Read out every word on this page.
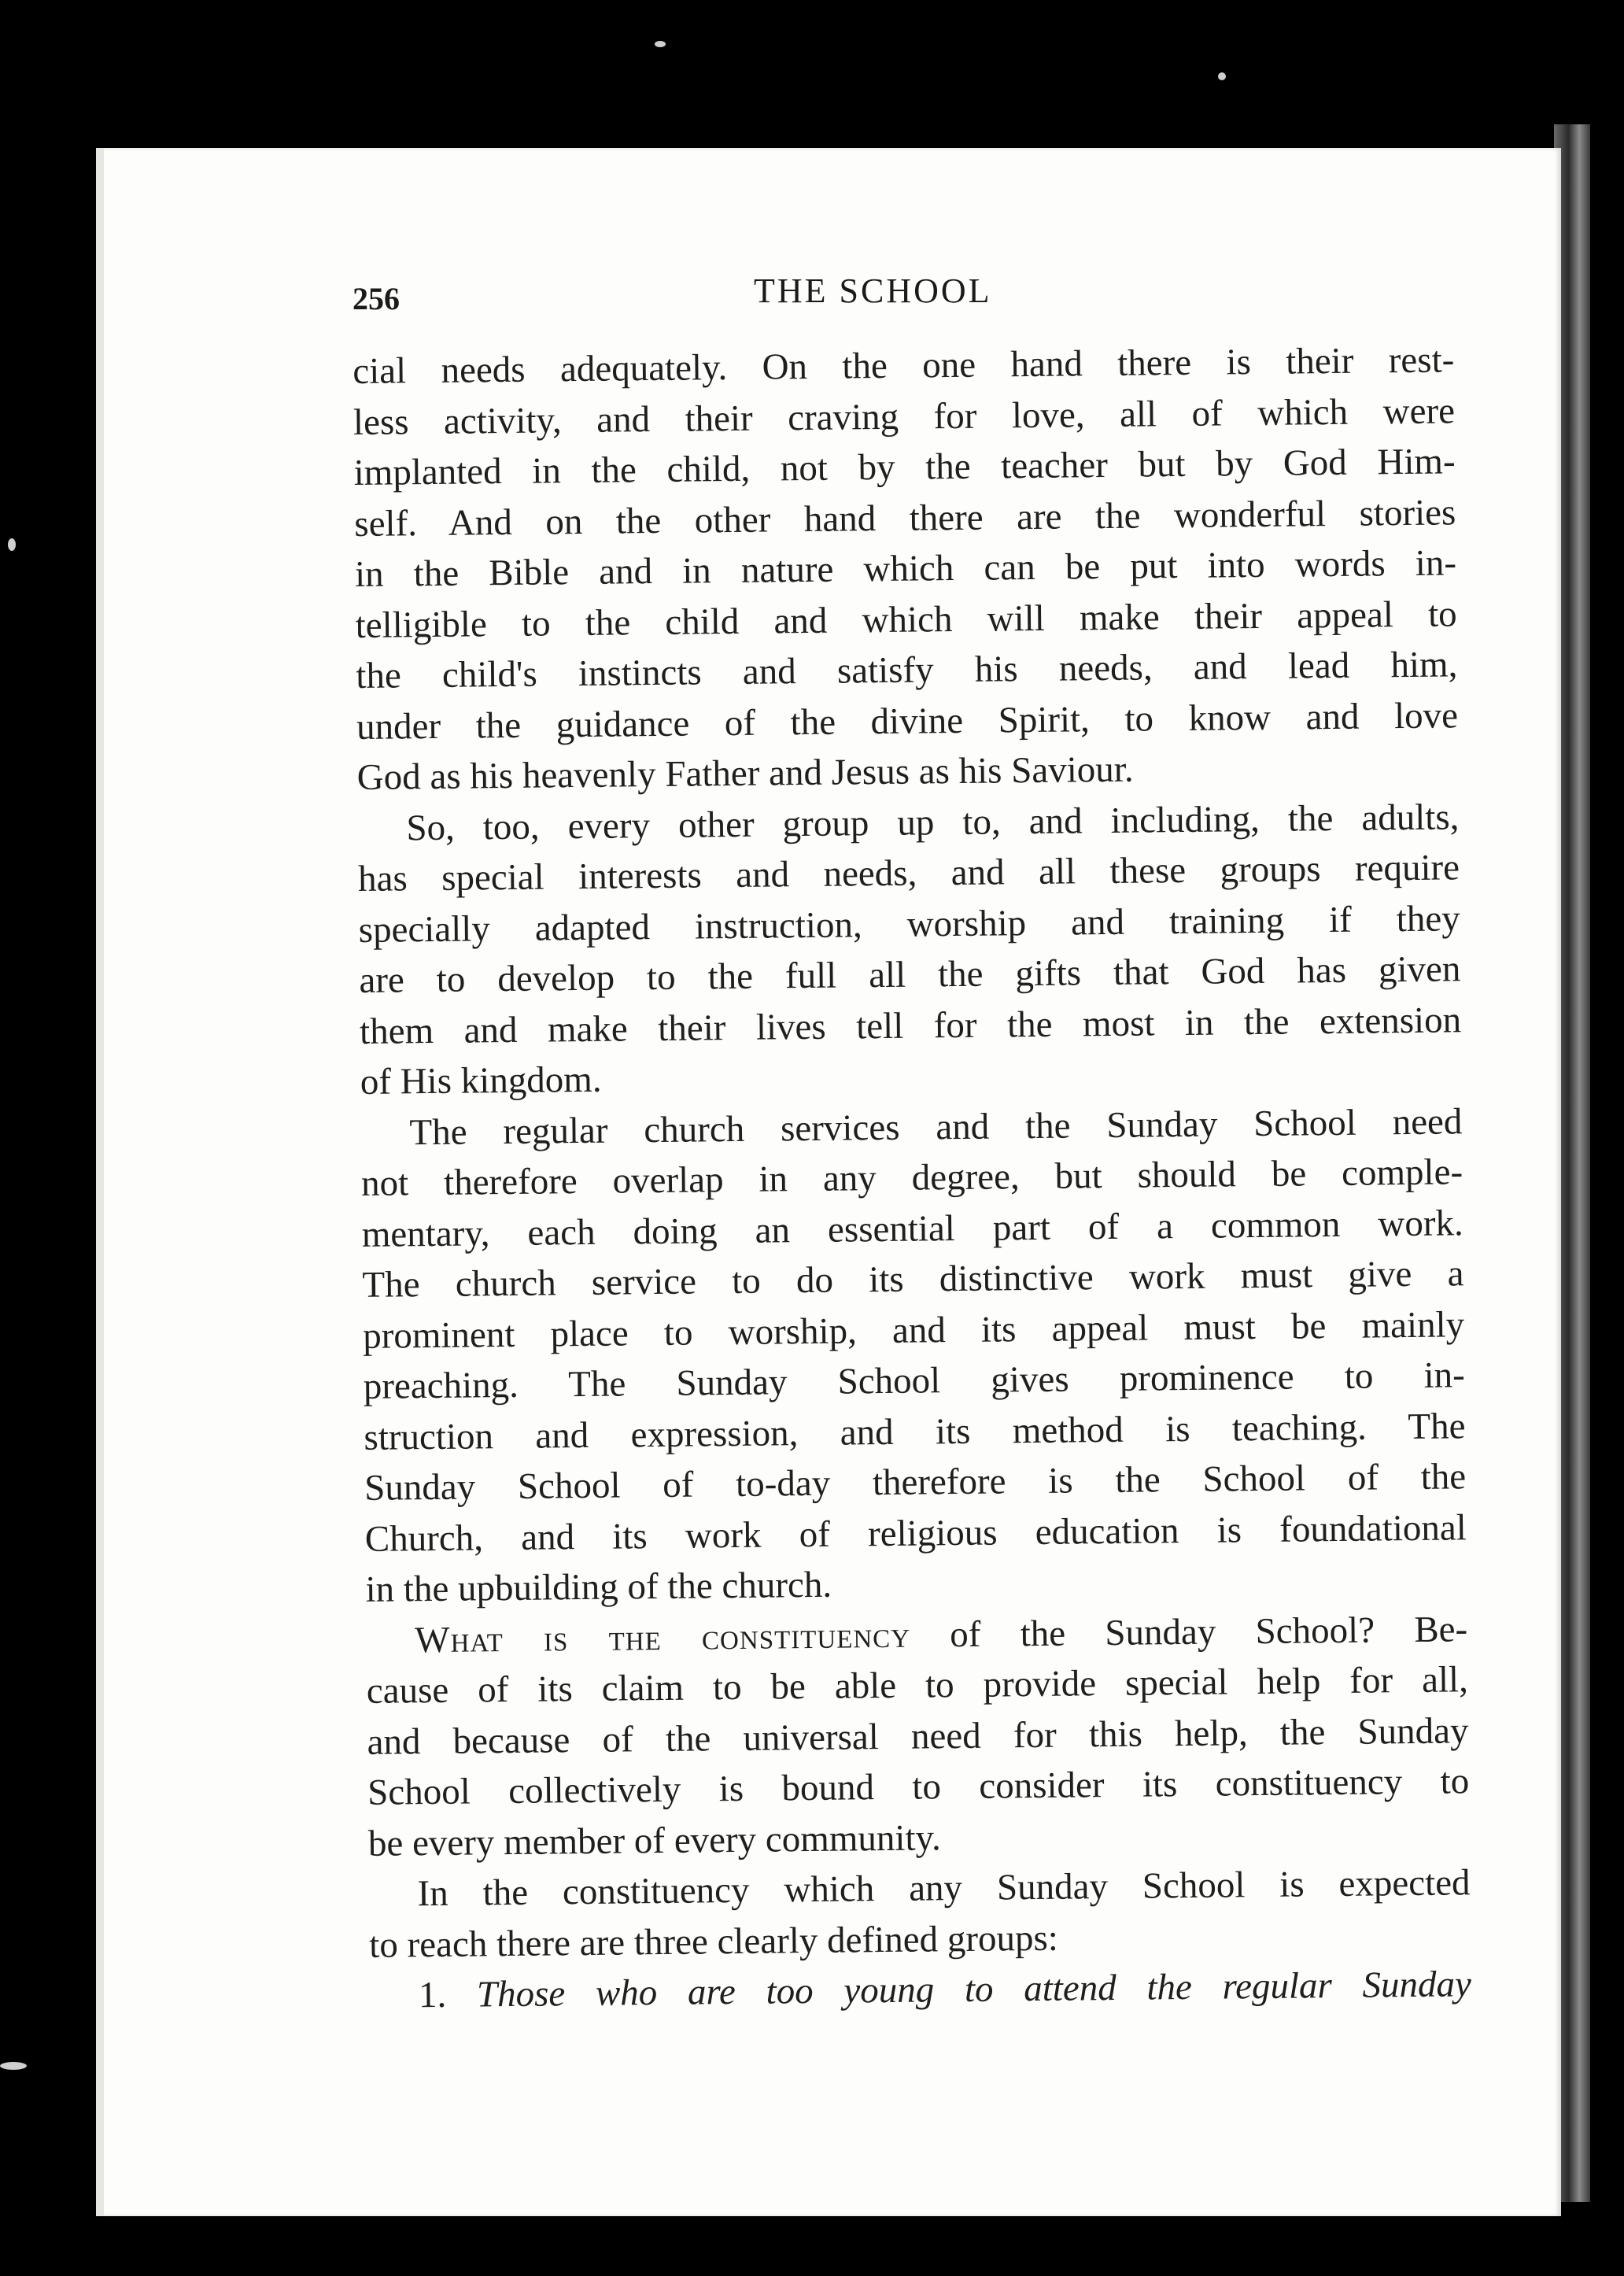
256	THE SCHOOL

cial needs adequately. On the one hand there is their rest-
less activity, and their craving for love, all of which were
implanted in the child, not by the teacher but by God Him-
self. And on the other hand there are the wonderful stories
in the Bible and in nature which can be put into words in-
telligible to the child and which will make their appeal to
the child's instincts and satisfy his needs, and lead him,
under the guidance of the divine Spirit, to know and love
God as his heavenly Father and Jesus as his Saviour.

So, too, every other group up to, and including, the adults,
has special interests and needs, and all these groups require
specially adapted instruction, worship and training if they
are to develop to the full all the gifts that God has given
them and make their lives tell for the most in the extension
of His kingdom.

The regular church services and the Sunday School need
not therefore overlap in any degree, but should be comple-
mentary, each doing an essential part of a common work.
The church service to do its distinctive work must give a
prominent place to worship, and its appeal must be mainly
preaching. The Sunday School gives prominence to in-
struction and expression, and its method is teaching. The
Sunday School of to-day therefore is the School of the
Church, and its work of religious education is foundational
in the upbuilding of the church.

What is the constituency of the Sunday School? Be-
cause of its claim to be able to provide special help for all,
and because of the universal need for this help, the Sunday
School collectively is bound to consider its constituency to
be every member of every community.

In the constituency which any Sunday School is expected
to reach there are three clearly defined groups:

1. Those who are too young to attend the regular Sunday
